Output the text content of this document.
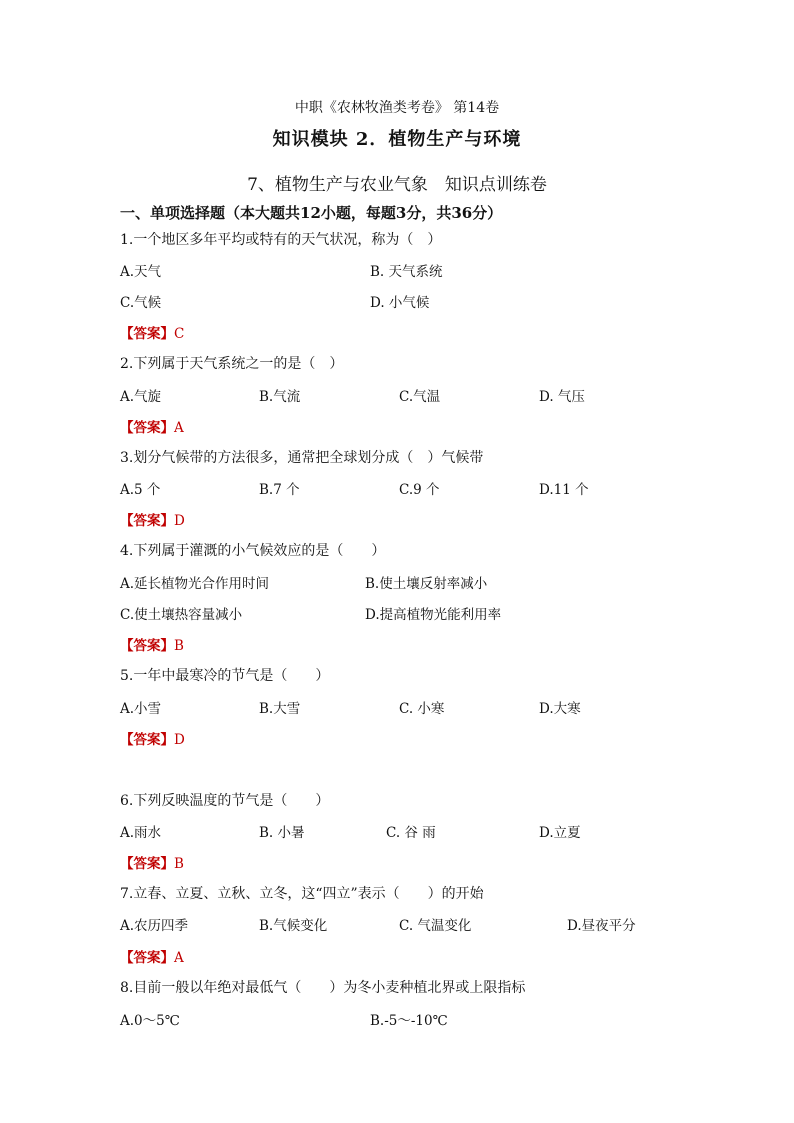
中职《农林牧渔类考卷》 第14卷
知识模块 2．植物生产与环境
7、植物生产与农业气象　知识点训练卷
一、单项选择题（本大题共12小题，每题3分，共36分）
1.一个地区多年平均或特有的天气状况，称为（　）
A.天气	B. 天气系统
C.气候	D. 小气候
【答案】C
2.下列属于天气系统之一的是（　）
A.气旋	B.气流	C.气温	D. 气压
【答案】A
3.划分气候带的方法很多，通常把全球划分成（　）气候带
A.5 个	B.7 个	C.9 个	D.11 个
【答案】D
4.下列属于灌溉的小气候效应的是（　　）
A.延长植物光合作用时间	B.使土壤反射率减小
C.使土壤热容量减小	D.提高植物光能利用率
【答案】B
5.一年中最寒冷的节气是（　　）
A.小雪	B.大雪	C. 小寒	D.大寒
【答案】D
6.下列反映温度的节气是（　　）
A.雨水	B. 小暑	C. 谷 雨	D.立夏
【答案】B
7.立春、立夏、立秋、立冬，这“四立”表示（　　）的开始
A.农历四季	B.气候变化	C. 气温变化	D.昼夜平分
【答案】A
8.目前一般以年绝对最低气（　　）为冬小麦种植北界或上限指标
A.0～5℃	B.-5～-10℃
